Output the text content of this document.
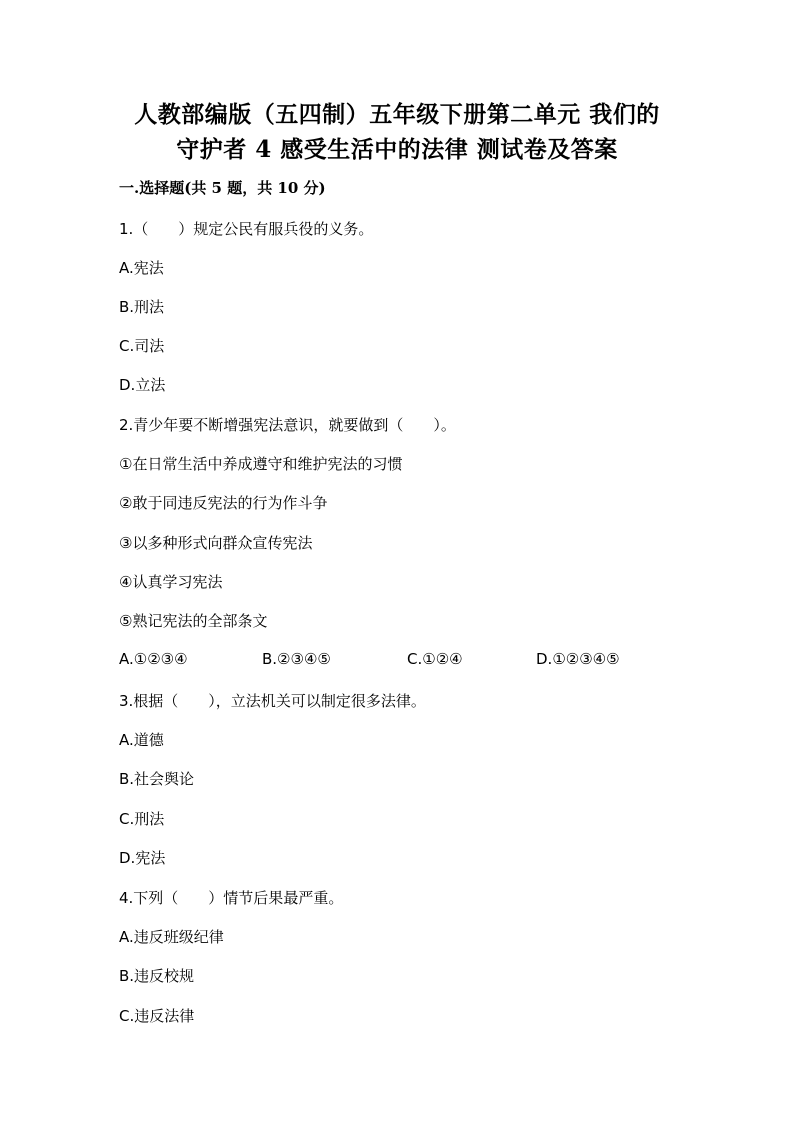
人教部编版（五四制）五年级下册第二单元 我们的
守护者 4 感受生活中的法律 测试卷及答案
一.选择题(共 5 题，共 10 分)
1.（　　）规定公民有服兵役的义务。
A.宪法
B.刑法
C.司法
D.立法
2.青少年要不断增强宪法意识，就要做到（　　）。
①在日常生活中养成遵守和维护宪法的习惯
②敢于同违反宪法的行为作斗争
③以多种形式向群众宣传宪法
④认真学习宪法
⑤熟记宪法的全部条文
A.①②③④	B.②③④⑤	C.①②④	D.①②③④⑤
3.根据（　　），立法机关可以制定很多法律。
A.道德
B.社会舆论
C.刑法
D.宪法
4.下列（　　）情节后果最严重。
A.违反班级纪律
B.违反校规
C.违反法律
